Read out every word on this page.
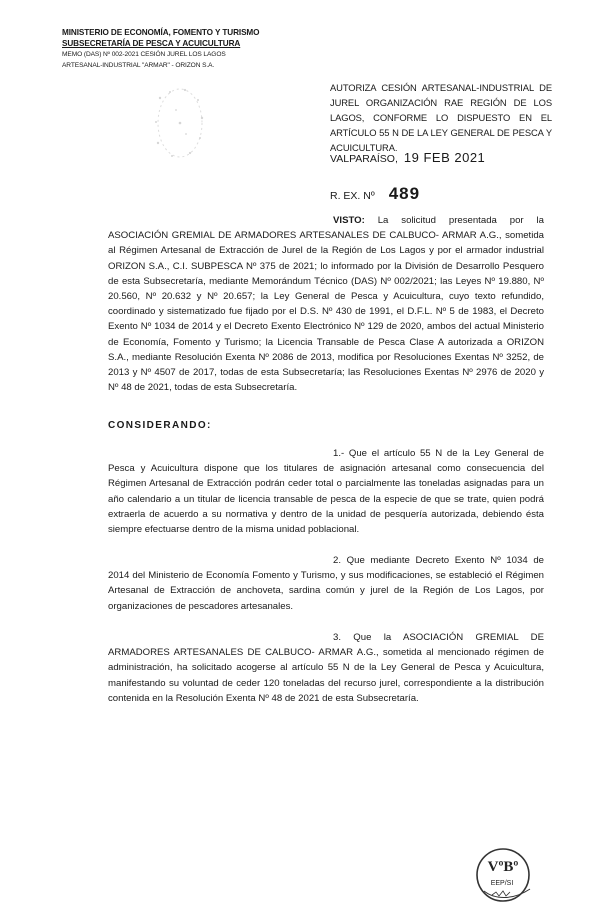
MINISTERIO DE ECONOMÍA, FOMENTO Y TURISMO
SUBSECRETARÍA DE PESCA Y ACUICULTURA
MEMO (DAS) Nº 002-2021 CESIÓN JUREL LOS LAGOS
ARTESANAL-INDUSTRIAL "ARMAR" - ORIZON S.A.
AUTORIZA CESIÓN ARTESANAL-INDUSTRIAL DE JUREL ORGANIZACIÓN RAE REGIÓN DE LOS LAGOS, CONFORME LO DISPUESTO EN EL ARTÍCULO 55 N DE LA LEY GENERAL DE PESCA Y ACUICULTURA.
VALPARAÍSO, 19 FEB 2021
R. EX. Nº 489
VISTO: La solicitud presentada por la ASOCIACIÓN GREMIAL DE ARMADORES ARTESANALES DE CALBUCO- ARMAR A.G., sometida al Régimen Artesanal de Extracción de Jurel de la Región de Los Lagos y por el armador industrial ORIZON S.A., C.I. SUBPESCA Nº 375 de 2021; lo informado por la División de Desarrollo Pesquero de esta Subsecretaría, mediante Memorándum Técnico (DAS) Nº 002/2021; las Leyes Nº 19.880, Nº 20.560, Nº 20.632 y Nº 20.657; la Ley General de Pesca y Acuicultura, cuyo texto refundido, coordinado y sistematizado fue fijado por el D.S. Nº 430 de 1991, el D.F.L. Nº 5 de 1983, el Decreto Exento Nº 1034 de 2014 y el Decreto Exento Electrónico Nº 129 de 2020, ambos del actual Ministerio de Economía, Fomento y Turismo; la Licencia Transable de Pesca Clase A autorizada a ORIZON S.A., mediante Resolución Exenta Nº 2086 de 2013, modifica por Resoluciones Exentas Nº 3252, de 2013 y Nº 4507 de 2017, todas de esta Subsecretaría; las Resoluciones Exentas Nº 2976 de 2020 y Nº 48 de 2021, todas de esta Subsecretaría.
CONSIDERANDO:
1.- Que el artículo 55 N de la Ley General de Pesca y Acuicultura dispone que los titulares de asignación artesanal como consecuencia del Régimen Artesanal de Extracción podrán ceder total o parcialmente las toneladas asignadas para un año calendario a un titular de licencia transable de pesca de la especie de que se trate, quien podrá extraerla de acuerdo a su normativa y dentro de la unidad de pesquería autorizada, debiendo ésta siempre efectuarse dentro de la misma unidad poblacional.
2. Que mediante Decreto Exento Nº 1034 de 2014 del Ministerio de Economía Fomento y Turismo, y sus modificaciones, se estableció el Régimen Artesanal de Extracción de anchoveta, sardina común y jurel de la Región de Los Lagos, por organizaciones de pescadores artesanales.
3. Que la ASOCIACIÓN GREMIAL DE ARMADORES ARTESANALES DE CALBUCO- ARMAR A.G., sometida al mencionado régimen de administración, ha solicitado acogerse al artículo 55 N de la Ley General de Pesca y Acuicultura, manifestando su voluntad de ceder 120 toneladas del recurso jurel, correspondiente a la distribución contenida en la Resolución Exenta Nº 48 de 2021 de esta Subsecretaría.
VºBº
EEP/SI
